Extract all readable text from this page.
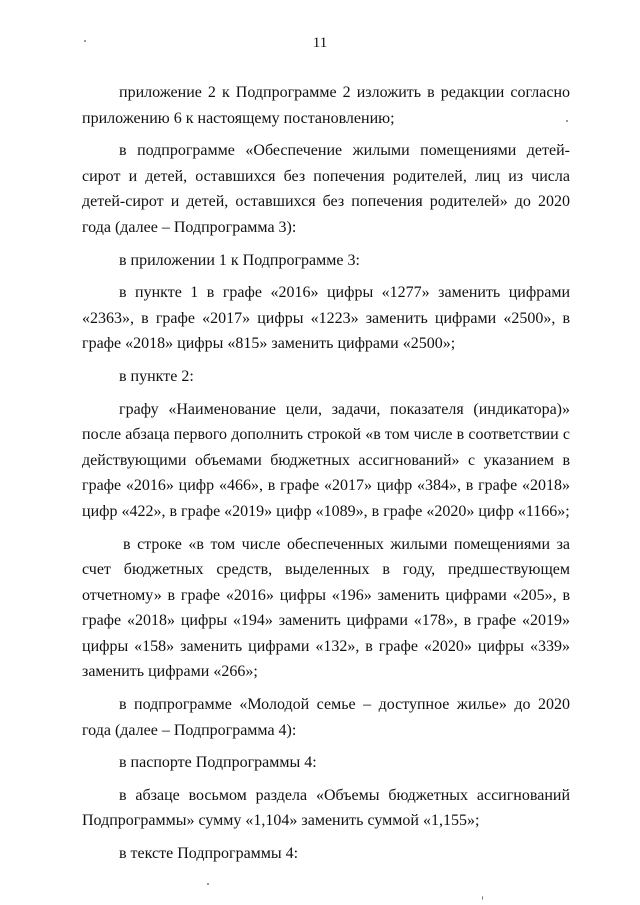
11

приложение 2 к Подпрограмме 2 изложить в редакции согласно приложению 6 к настоящему постановлению;

в подпрограмме «Обеспечение жилыми помещениями детей-сирот и детей, оставшихся без попечения родителей, лиц из числа детей-сирот и детей, оставшихся без попечения родителей» до 2020 года (далее – Подпрограмма 3):

в приложении 1 к Подпрограмме 3:

в пункте 1 в графе «2016» цифры «1277» заменить цифрами «2363», в графе «2017» цифры «1223» заменить цифрами «2500», в графе «2018» цифры «815» заменить цифрами «2500»;

в пункте 2:

графу «Наименование цели, задачи, показателя (индикатора)» после абзаца первого дополнить строкой «в том числе в соответствии с действующими объемами бюджетных ассигнований» с указанием в графе «2016» цифр «466», в графе «2017» цифр «384», в графе «2018» цифр «422», в графе «2019» цифр «1089», в графе «2020» цифр «1166»;

в строке «в том числе обеспеченных жилыми помещениями за счет бюджетных средств, выделенных в году, предшествующем отчетному» в графе «2016» цифры «196» заменить цифрами «205», в графе «2018» цифры «194» заменить цифрами «178», в графе «2019» цифры «158» заменить цифрами «132», в графе «2020» цифры «339» заменить цифрами «266»;

в подпрограмме «Молодой семье – доступное жилье» до 2020 года (далее – Подпрограмма 4):

в паспорте Подпрограммы 4:

в абзаце восьмом раздела «Объемы бюджетных ассигнований Подпрограммы» сумму «1,104» заменить суммой «1,155»;

в тексте Подпрограммы 4:
